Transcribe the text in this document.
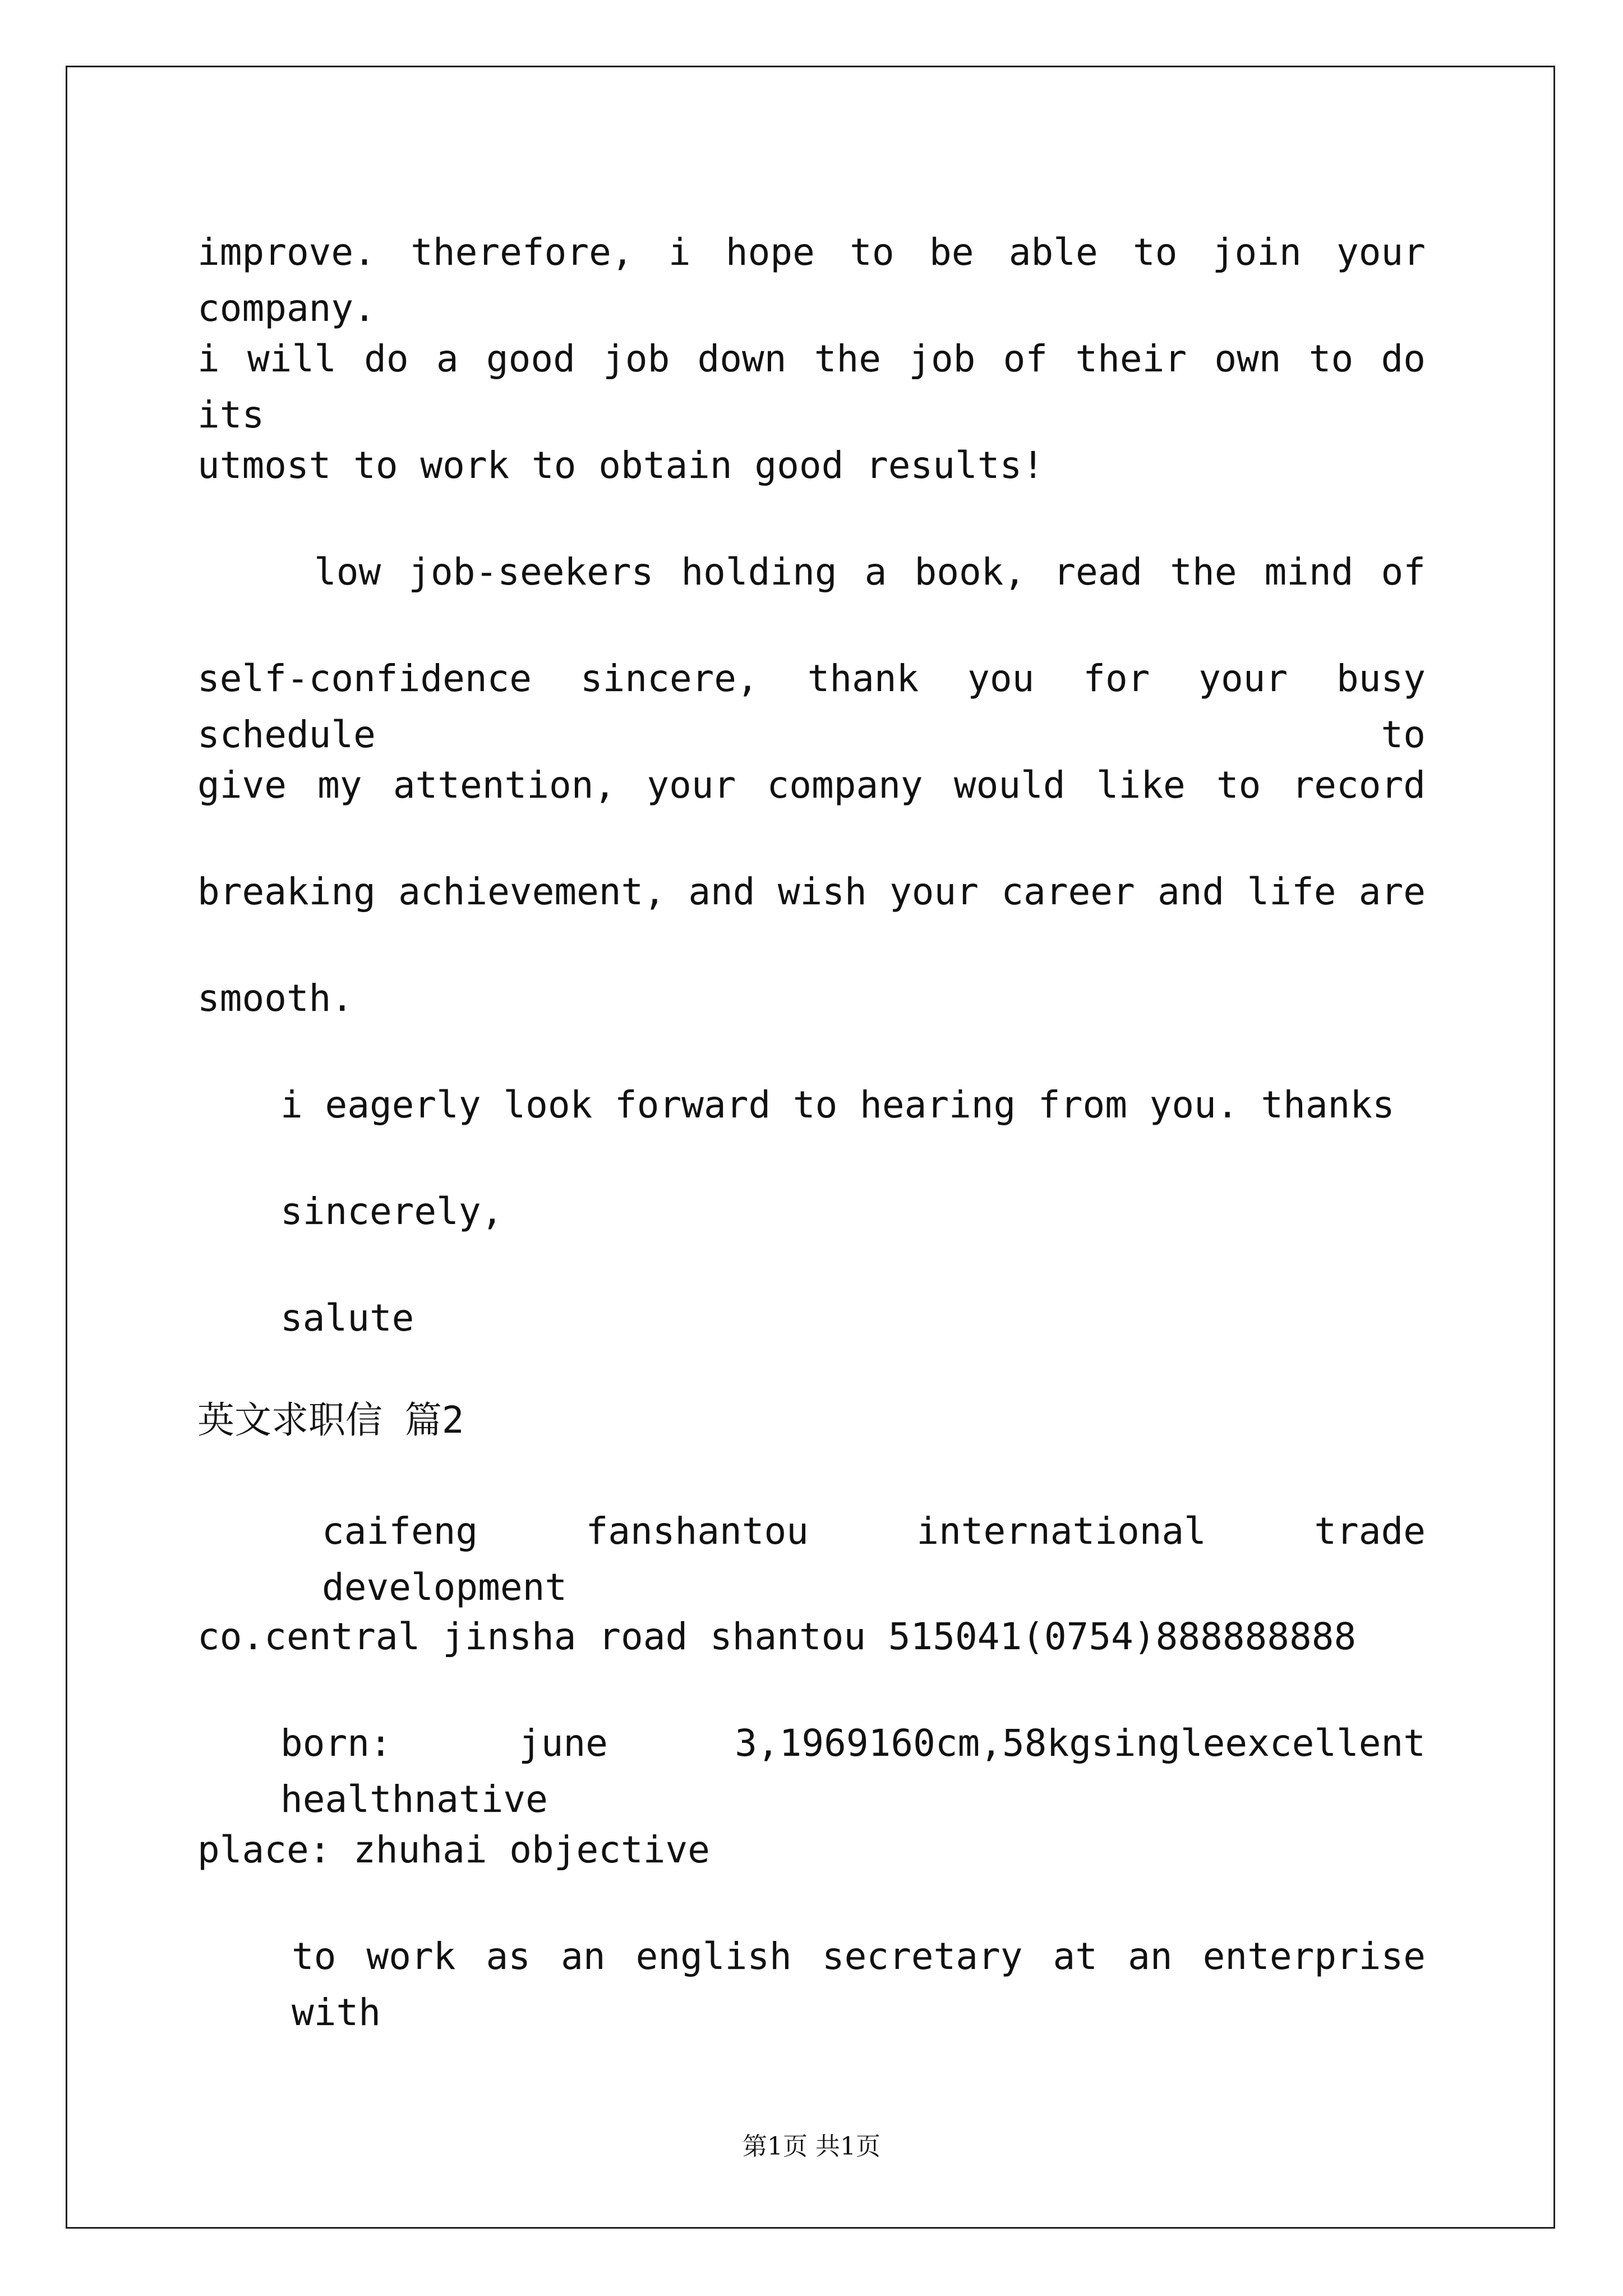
improve. therefore, i hope to be able to join your company.
i will do a good job down the job of their own to do its
utmost to work to obtain good results!
low job-seekers holding a book, read the mind of
self-confidence sincere, thank you for your busy schedule to
give my attention, your company would like to record
breaking achievement, and wish your career and life are
smooth.
i eagerly look forward to hearing from you. thanks
sincerely,
salute
英文求职信 篇2
caifeng fanshantou international trade development
co.central jinsha road shantou 515041(0754)888888888
born: june 3,1969160cm,58kgsingleexcellent healthnative
place: zhuhai objective
to work as an english secretary at an enterprise with
第1页 共1页
